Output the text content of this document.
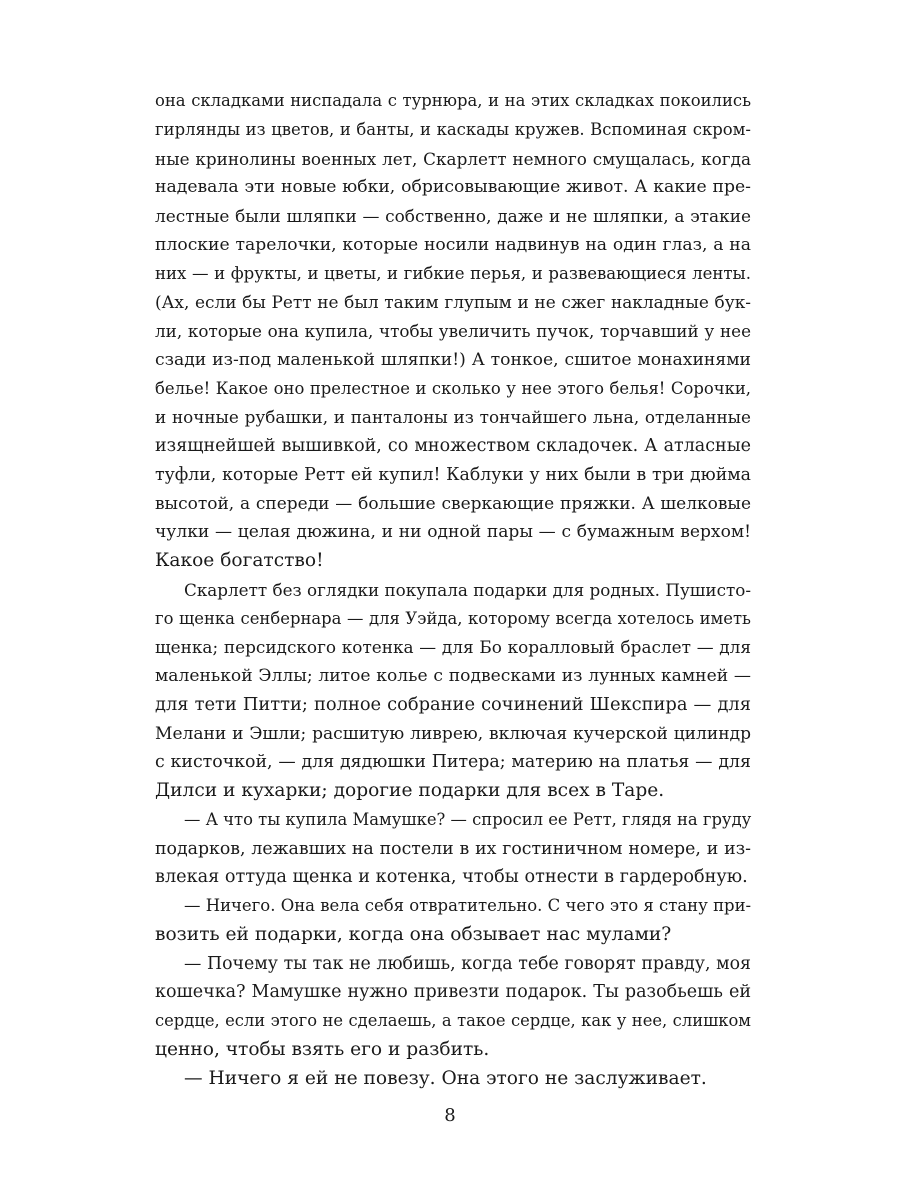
она складками ниспадала с турнюра, и на этих складках покоились
гирлянды из цветов, и банты, и каскады кружев. Вспоминая скром-
ные кринолины военных лет, Скарлетт немного смущалась, когда
надевала эти новые юбки, обрисовывающие живот. А какие пре-
лестные были шляпки — собственно, даже и не шляпки, а этакие
плоские тарелочки, которые носили надвинув на один глаз, а на
них — и фрукты, и цветы, и гибкие перья, и развевающиеся ленты.
(Ах, если бы Ретт не был таким глупым и не сжег накладные бук-
ли, которые она купила, чтобы увеличить пучок, торчавший у нее
сзади из-под маленькой шляпки!) А тонкое, сшитое монахинями
белье! Какое оно прелестное и сколько у нее этого белья! Сорочки,
и ночные рубашки, и панталоны из тончайшего льна, отделанные
изящнейшей вышивкой, со множеством складочек. А атласные
туфли, которые Ретт ей купил! Каблуки у них были в три дюйма
высотой, а спереди — большие сверкающие пряжки. А шелковые
чулки — целая дюжина, и ни одной пары — с бумажным верхом!
Какое богатство!
Скарлетт без оглядки покупала подарки для родных. Пушисто-
го щенка сенбернара — для Уэйда, которому всегда хотелось иметь
щенка; персидского котенка — для Бо коралловый браслет — для
маленькой Эллы; литое колье с подвесками из лунных камней —
для тети Питти; полное собрание сочинений Шекспира — для
Мелани и Эшли; расшитую ливрею, включая кучерской цилиндр
с кисточкой, — для дядюшки Питера; материю на платья — для
Дилси и кухарки; дорогие подарки для всех в Таре.
— А что ты купила Мамушке? — спросил ее Ретт, глядя на груду
подарков, лежавших на постели в их гостиничном номере, и из-
влекая оттуда щенка и котенка, чтобы отнести в гардеробную.
— Ничего. Она вела себя отвратительно. С чего это я стану при-
возить ей подарки, когда она обзывает нас мулами?
— Почему ты так не любишь, когда тебе говорят правду, моя
кошечка? Мамушке нужно привезти подарок. Ты разобьешь ей
сердце, если этого не сделаешь, а такое сердце, как у нее, слишком
ценно, чтобы взять его и разбить.
— Ничего я ей не повезу. Она этого не заслуживает.
8
